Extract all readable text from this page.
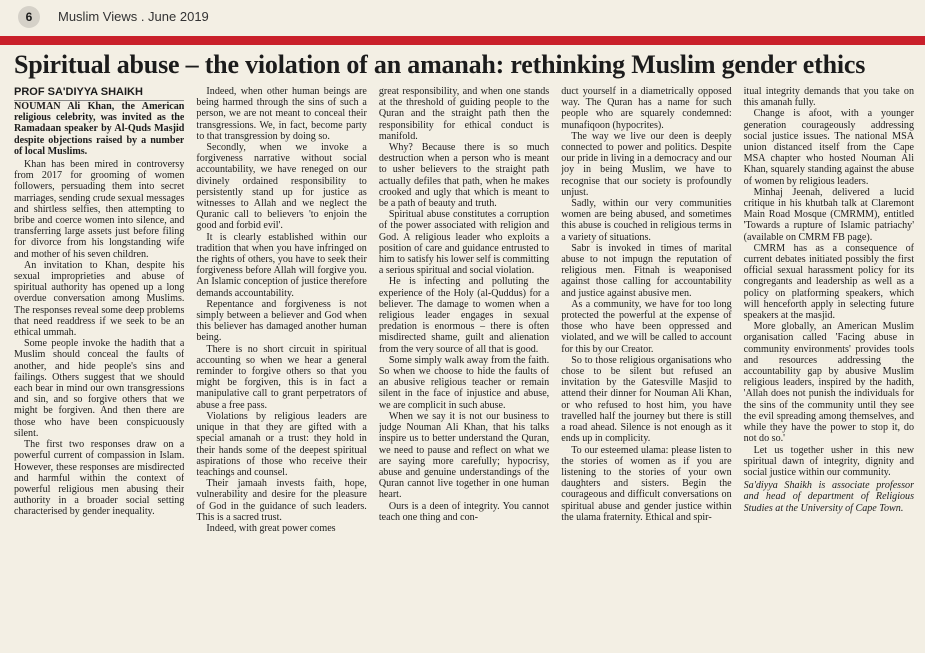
6	Muslim Views . June 2019
Spiritual abuse – the violation of an amanah: rethinking Muslim gender ethics

PROF SA'DIYYA SHAIKH

NOUMAN Ali Khan, the American religious celebrity, was invited as the Ramadaan speaker by Al-Quds Masjid despite objections raised by a number of local Muslims.

Khan has been mired in controversy from 2017 for grooming of women followers, persuading them into secret marriages, sending crude sexual messages and shirtless selfies, then attempting to bribe and coerce women into silence, and transferring large assets just before filing for divorce from his longstanding wife and mother of his seven children.

An invitation to Khan, despite his sexual improprieties and abuse of spiritual authority has opened up a long overdue conversation among Muslims. The responses reveal some deep problems that need readdress if we seek to be an ethical ummah.

Some people invoke the hadith that a Muslim should conceal the faults of another, and hide people's sins and failings. Others suggest that we should each bear in mind our own transgressions and sin, and so forgive others that we might be forgiven. And then there are those who have been conspicuously silent.

The first two responses draw on a powerful current of compassion in Islam. However, these responses are misdirected and harmful within the context of powerful religious men abusing their authority in a broader social setting characterised by gender inequality.

Indeed, when other human beings are being harmed through the sins of such a person, we are not meant to conceal their transgressions. We, in fact, become party to that transgression by doing so.

Secondly, when we invoke a forgiveness narrative without social accountability, we have reneged on our divinely ordained responsibility to persistently stand up for justice as witnesses to Allah and we neglect the Quranic call to believers 'to enjoin the good and forbid evil'.

It is clearly established within our tradition that when you have infringed on the rights of others, you have to seek their forgiveness before Allah will forgive you. An Islamic conception of justice therefore demands accountability.

Repentance and forgiveness is not simply between a believer and God when this believer has damaged another human being.

There is no short circuit in spiritual accounting so when we hear a general reminder to forgive others so that you might be forgiven, this is in fact a manipulative call to grant perpetrators of abuse a free pass.

Violations by religious leaders are unique in that they are gifted with a special amanah or a trust: they hold in their hands some of the deepest spiritual aspirations of those who receive their teachings and counsel.

Their jamaah invests faith, hope, vulnerability and desire for the pleasure of God in the guidance of such leaders. This is a sacred trust.

Indeed, with great power comes

great responsibility, and when one stands at the threshold of guiding people to the Quran and the straight path then the responsibility for ethical conduct is manifold.

Why? Because there is so much destruction when a person who is meant to usher believers to the straight path actually defiles that path, when he makes crooked and ugly that which is meant to be a path of beauty and truth.

Spiritual abuse constitutes a corruption of the power associated with religion and God. A religious leader who exploits a position of care and guidance entrusted to him to satisfy his lower self is committing a serious spiritual and social violation.

He is infecting and polluting the experience of the Holy (al-Quddus) for a believer. The damage to women when a religious leader engages in sexual predation is enormous – there is often misdirected shame, guilt and alienation from the very source of all that is good.

Some simply walk away from the faith. So when we choose to hide the faults of an abusive religious teacher or remain silent in the face of injustice and abuse, we are complicit in such abuse.

When we say it is not our business to judge Nouman Ali Khan, that his talks inspire us to better understand the Quran, we need to pause and reflect on what we are saying more carefully; hypocrisy, abuse and genuine understandings of the Quran cannot live together in one human heart.

Ours is a deen of integrity. You cannot teach one thing and con-

duct yourself in a diametrically opposed way. The Quran has a name for such people who are squarely condemned: munafiqoon (hypocrites).

The way we live our deen is deeply connected to power and politics. Despite our pride in living in a democracy and our joy in being Muslim, we have to recognise that our society is profoundly unjust.

Sadly, within our very communities women are being abused, and sometimes this abuse is couched in religious terms in a variety of situations.

Sabr is invoked in times of marital abuse to not impugn the reputation of religious men. Fitnah is weaponised against those calling for accountability and justice against abusive men.

As a community, we have for too long protected the powerful at the expense of those who have been oppressed and violated, and we will be called to account for this by our Creator.

So to those religious organisations who chose to be silent but refused an invitation by the Gatesville Masjid to attend their dinner for Nouman Ali Khan, or who refused to host him, you have travelled half the journey but there is still a road ahead. Silence is not enough as it ends up in complicity.

To our esteemed ulama: please listen to the stories of women as if you are listening to the stories of your own daughters and sisters. Begin the courageous and difficult conversations on spiritual abuse and gender justice within the ulama fraternity. Ethical and spir-

itual integrity demands that you take on this amanah fully.

Change is afoot, with a younger generation courageously addressing social justice issues. The national MSA union distanced itself from the Cape MSA chapter who hosted Nouman Ali Khan, squarely standing against the abuse of women by religious leaders.

Minhaj Jeenah, delivered a lucid critique in his khutbah talk at Claremont Main Road Mosque (CMRMM), entitled 'Towards a rupture of Islamic patriachy' (available on CMRM FB page).

CMRM has as a consequence of current debates initiated possibly the first official sexual harassment policy for its congregants and leadership as well as a policy on platforming speakers, which will henceforth apply in selecting future speakers at the masjid.

More globally, an American Muslim organisation called 'Facing abuse in community environments' provides tools and resources addressing the accountability gap by abusive Muslim religious leaders, inspired by the hadith, 'Allah does not punish the individuals for the sins of the community until they see the evil spreading among themselves, and while they have the power to stop it, do not do so.'

Let us together usher in this new spiritual dawn of integrity, dignity and social justice within our community.

Sa'diyya Shaikh is associate professor and head of department of Religious Studies at the University of Cape Town.
